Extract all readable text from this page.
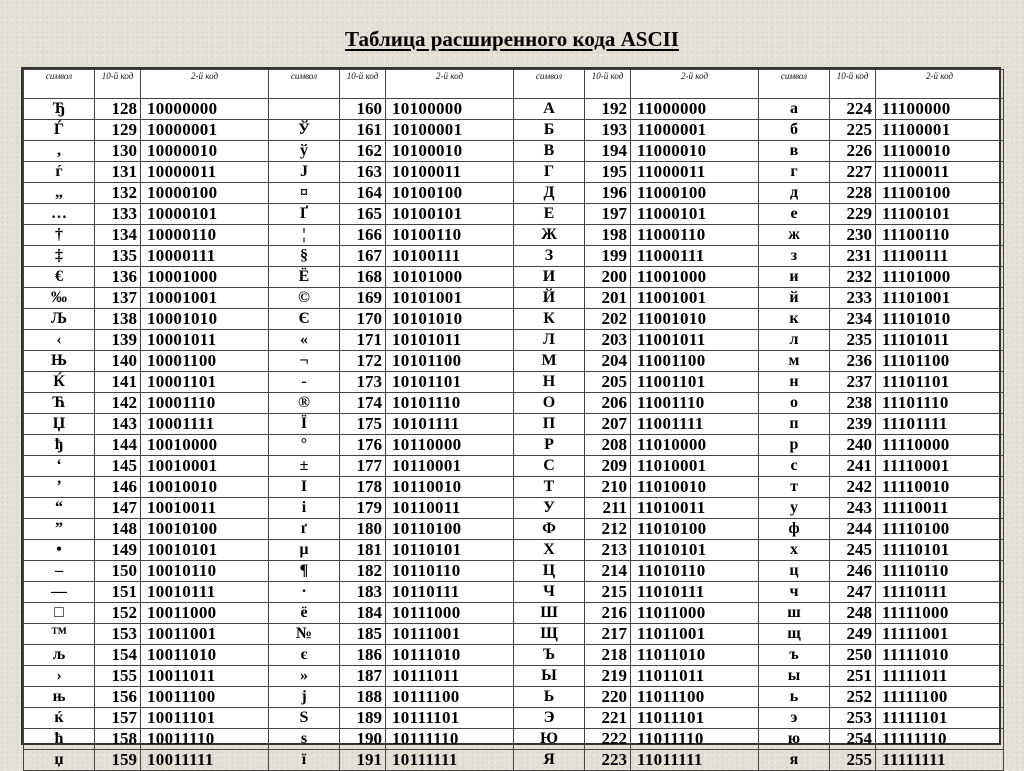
Таблица расширенного кода ASCII
символ	10-й код	2-й код	символ	10-й код	2-й код	символ	10-й код	2-й код	символ	10-й код	2-й код
Ђ	128	10000000		160	10100000	А	192	11000000	а	224	11100000
Ѓ	129	10000001	Ў	161	10100001	Б	193	11000001	б	225	11100001
‚	130	10000010	ў	162	10100010	В	194	11000010	в	226	11100010
ѓ	131	10000011	Ј	163	10100011	Г	195	11000011	г	227	11100011
„	132	10000100	¤	164	10100100	Д	196	11000100	д	228	11100100
…	133	10000101	Ґ	165	10100101	Е	197	11000101	е	229	11100101
†	134	10000110	¦	166	10100110	Ж	198	11000110	ж	230	11100110
‡	135	10000111	§	167	10100111	З	199	11000111	з	231	11100111
€	136	10001000	Ё	168	10101000	И	200	11001000	и	232	11101000
‰	137	10001001	©	169	10101001	Й	201	11001001	й	233	11101001
Љ	138	10001010	Є	170	10101010	К	202	11001010	к	234	11101010
‹	139	10001011	«	171	10101011	Л	203	11001011	л	235	11101011
Њ	140	10001100	¬	172	10101100	М	204	11001100	м	236	11101100
Ќ	141	10001101	-	173	10101101	Н	205	11001101	н	237	11101101
Ћ	142	10001110	®	174	10101110	О	206	11001110	о	238	11101110
Џ	143	10001111	Ї	175	10101111	П	207	11001111	п	239	11101111
ђ	144	10010000	°	176	10110000	Р	208	11010000	р	240	11110000
‘	145	10010001	±	177	10110001	С	209	11010001	с	241	11110001
’	146	10010010	І	178	10110010	Т	210	11010010	т	242	11110010
“	147	10010011	і	179	10110011	У	211	11010011	у	243	11110011
”	148	10010100	ґ	180	10110100	Ф	212	11010100	ф	244	11110100
•	149	10010101	µ	181	10110101	Х	213	11010101	х	245	11110101
–	150	10010110	¶	182	10110110	Ц	214	11010110	ц	246	11110110
—	151	10010111	·	183	10110111	Ч	215	11010111	ч	247	11110111
□	152	10011000	ё	184	10111000	Ш	216	11011000	ш	248	11111000
™	153	10011001	№	185	10111001	Щ	217	11011001	щ	249	11111001
љ	154	10011010	є	186	10111010	Ъ	218	11011010	ъ	250	11111010
›	155	10011011	»	187	10111011	Ы	219	11011011	ы	251	11111011
њ	156	10011100	ј	188	10111100	Ь	220	11011100	ь	252	11111100
ќ	157	10011101	Ѕ	189	10111101	Э	221	11011101	э	253	11111101
ћ	158	10011110	ѕ	190	10111110	Ю	222	11011110	ю	254	11111110
џ	159	10011111	ї	191	10111111	Я	223	11011111	я	255	11111111
